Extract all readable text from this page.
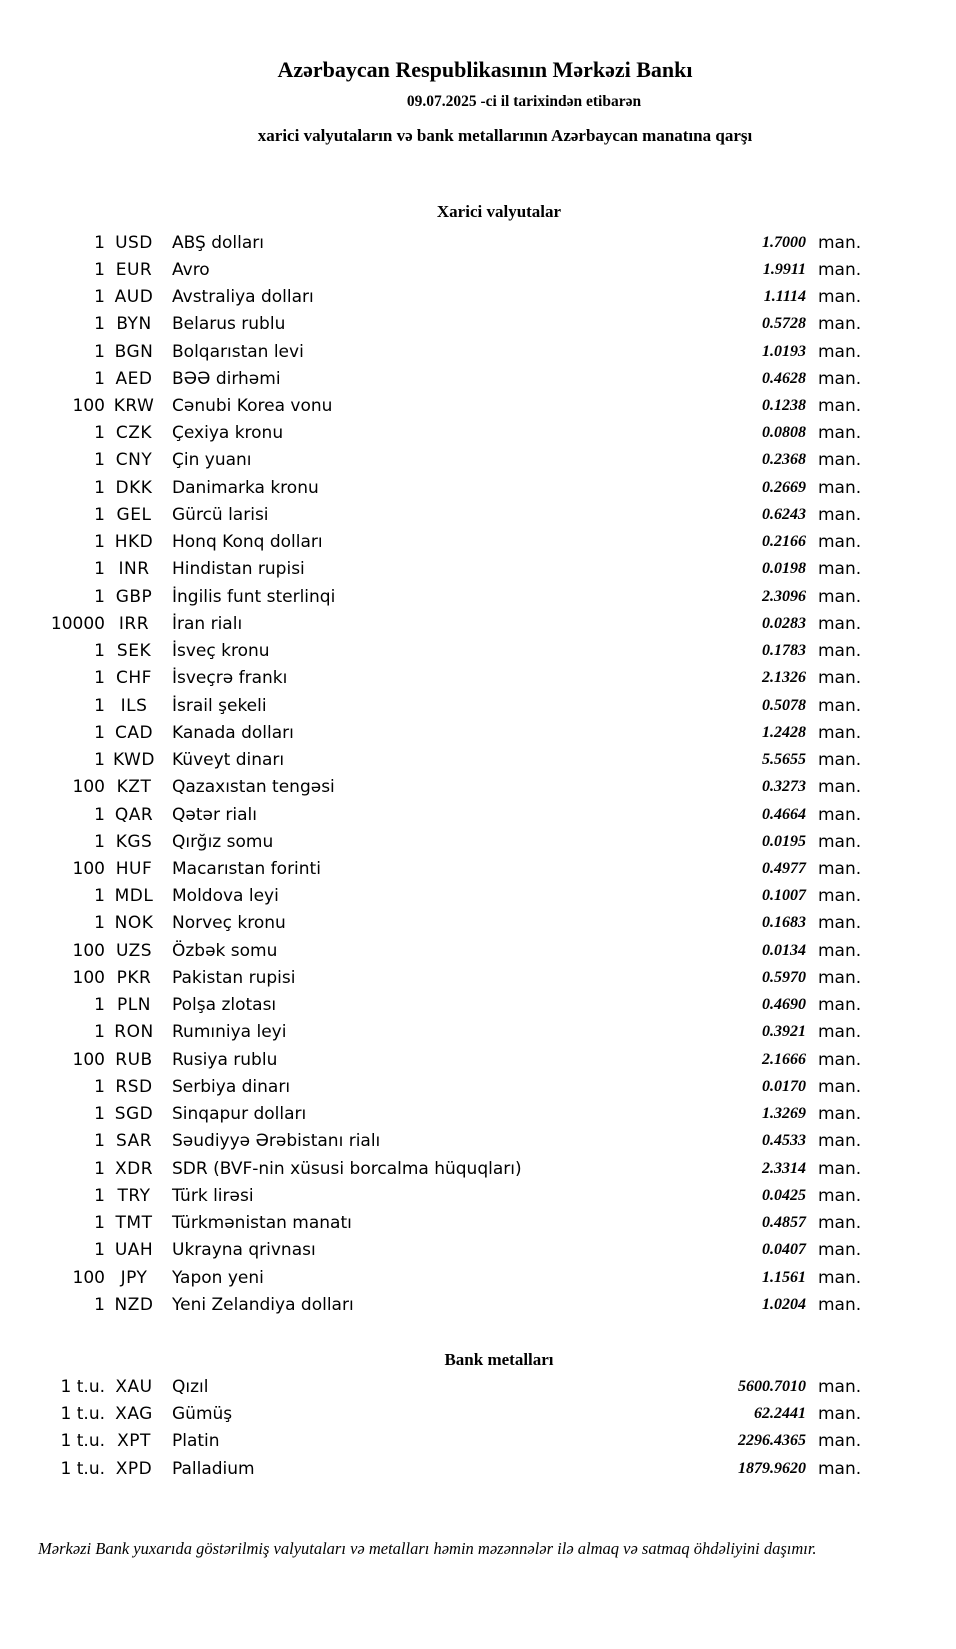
Azərbaycan Respublikasının Mərkəzi Bankı
09.07.2025 -ci il tarixindən etibarən
xarici valyutaların və bank metallarının Azərbaycan manatına qarşı
Xarici valyutalar
1 USD	ABŞ dolları	1.7000 man.
1 EUR	Avro	1.9911 man.
1 AUD	Avstraliya dolları	1.1114 man.
1 BYN	Belarus rublu	0.5728 man.
1 BGN	Bolqarıstan levi	1.0193 man.
1 AED	BƏƏ dirhəmi	0.4628 man.
100 KRW	Cənubi Korea vonu	0.1238 man.
1 CZK	Çexiya kronu	0.0808 man.
1 CNY	Çin yuanı	0.2368 man.
1 DKK	Danimarka kronu	0.2669 man.
1 GEL	Gürcü larisi	0.6243 man.
1 HKD	Honq Konq dolları	0.2166 man.
1 INR	Hindistan rupisi	0.0198 man.
1 GBP	İngilis funt sterlinqi	2.3096 man.
10000 IRR	İran rialı	0.0283 man.
1 SEK	İsveç kronu	0.1783 man.
1 CHF	İsveçrə frankı	2.1326 man.
1 ILS	İsrail şekeli	0.5078 man.
1 CAD	Kanada dolları	1.2428 man.
1 KWD	Küveyt dinarı	5.5655 man.
100 KZT	Qazaxıstan tengəsi	0.3273 man.
1 QAR	Qətər rialı	0.4664 man.
1 KGS	Qırğız somu	0.0195 man.
100 HUF	Macarıstan forinti	0.4977 man.
1 MDL	Moldova leyi	0.1007 man.
1 NOK	Norveç kronu	0.1683 man.
100 UZS	Özbək somu	0.0134 man.
100 PKR	Pakistan rupisi	0.5970 man.
1 PLN	Polşa zlotası	0.4690 man.
1 RON	Rumıniya leyi	0.3921 man.
100 RUB	Rusiya rublu	2.1666 man.
1 RSD	Serbiya dinarı	0.0170 man.
1 SGD	Sinqapur dolları	1.3269 man.
1 SAR	Səudiyyə Ərəbistanı rialı	0.4533 man.
1 XDR	SDR (BVF-nin xüsusi borcalma hüquqları)	2.3314 man.
1 TRY	Türk lirəsi	0.0425 man.
1 TMT	Türkmənistan manatı	0.4857 man.
1 UAH	Ukrayna qrivnası	0.0407 man.
100 JPY	Yapon yeni	1.1561 man.
1 NZD	Yeni Zelandiya dolları	1.0204 man.
Bank metalları
1 t.u. XAU	Qızıl	5600.7010 man.
1 t.u. XAG	Gümüş	62.2441 man.
1 t.u. XPT	Platin	2296.4365 man.
1 t.u. XPD	Palladium	1879.9620 man.
Mərkəzi Bank yuxarıda göstərilmiş valyutaları və metalları həmin məzənnələr ilə almaq və satmaq öhdəliyini daşımır.
